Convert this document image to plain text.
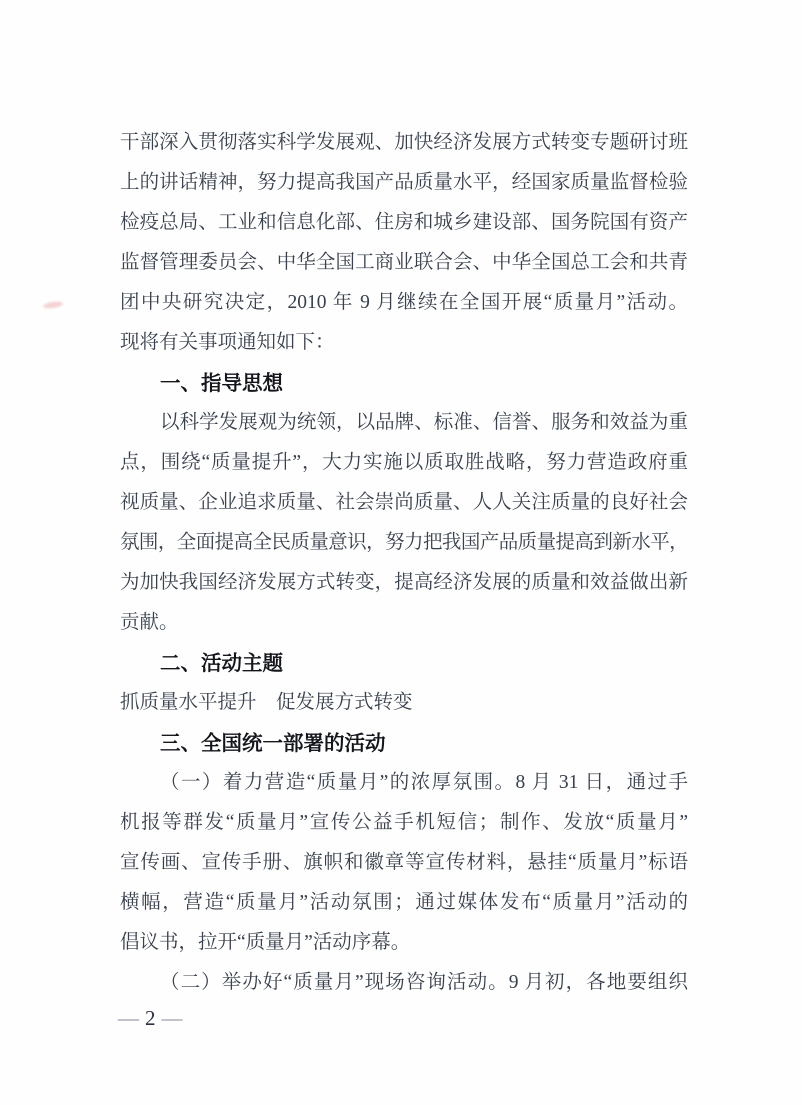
干部深入贯彻落实科学发展观、加快经济发展方式转变专题研讨班
上的讲话精神，努力提高我国产品质量水平，经国家质量监督检验
检疫总局、工业和信息化部、住房和城乡建设部、国务院国有资产
监督管理委员会、中华全国工商业联合会、中华全国总工会和共青
团中央研究决定，2010 年 9 月继续在全国开展“质量月”活动。
现将有关事项通知如下：
一、指导思想
以科学发展观为统领，以品牌、标准、信誉、服务和效益为重
点，围绕“质量提升”，大力实施以质取胜战略，努力营造政府重
视质量、企业追求质量、社会崇尚质量、人人关注质量的良好社会
氛围，全面提高全民质量意识，努力把我国产品质量提高到新水平，
为加快我国经济发展方式转变，提高经济发展的质量和效益做出新
贡献。
二、活动主题
抓质量水平提升　促发展方式转变
三、全国统一部署的活动
（一）着力营造“质量月”的浓厚氛围。8 月 31 日，通过手
机报等群发“质量月”宣传公益手机短信；制作、发放“质量月”
宣传画、宣传手册、旗帜和徽章等宣传材料，悬挂“质量月”标语
横幅，营造“质量月”活动氛围；通过媒体发布“质量月”活动的
倡议书，拉开“质量月”活动序幕。
（二）举办好“质量月”现场咨询活动。9 月初，各地要组织
— 2 —
